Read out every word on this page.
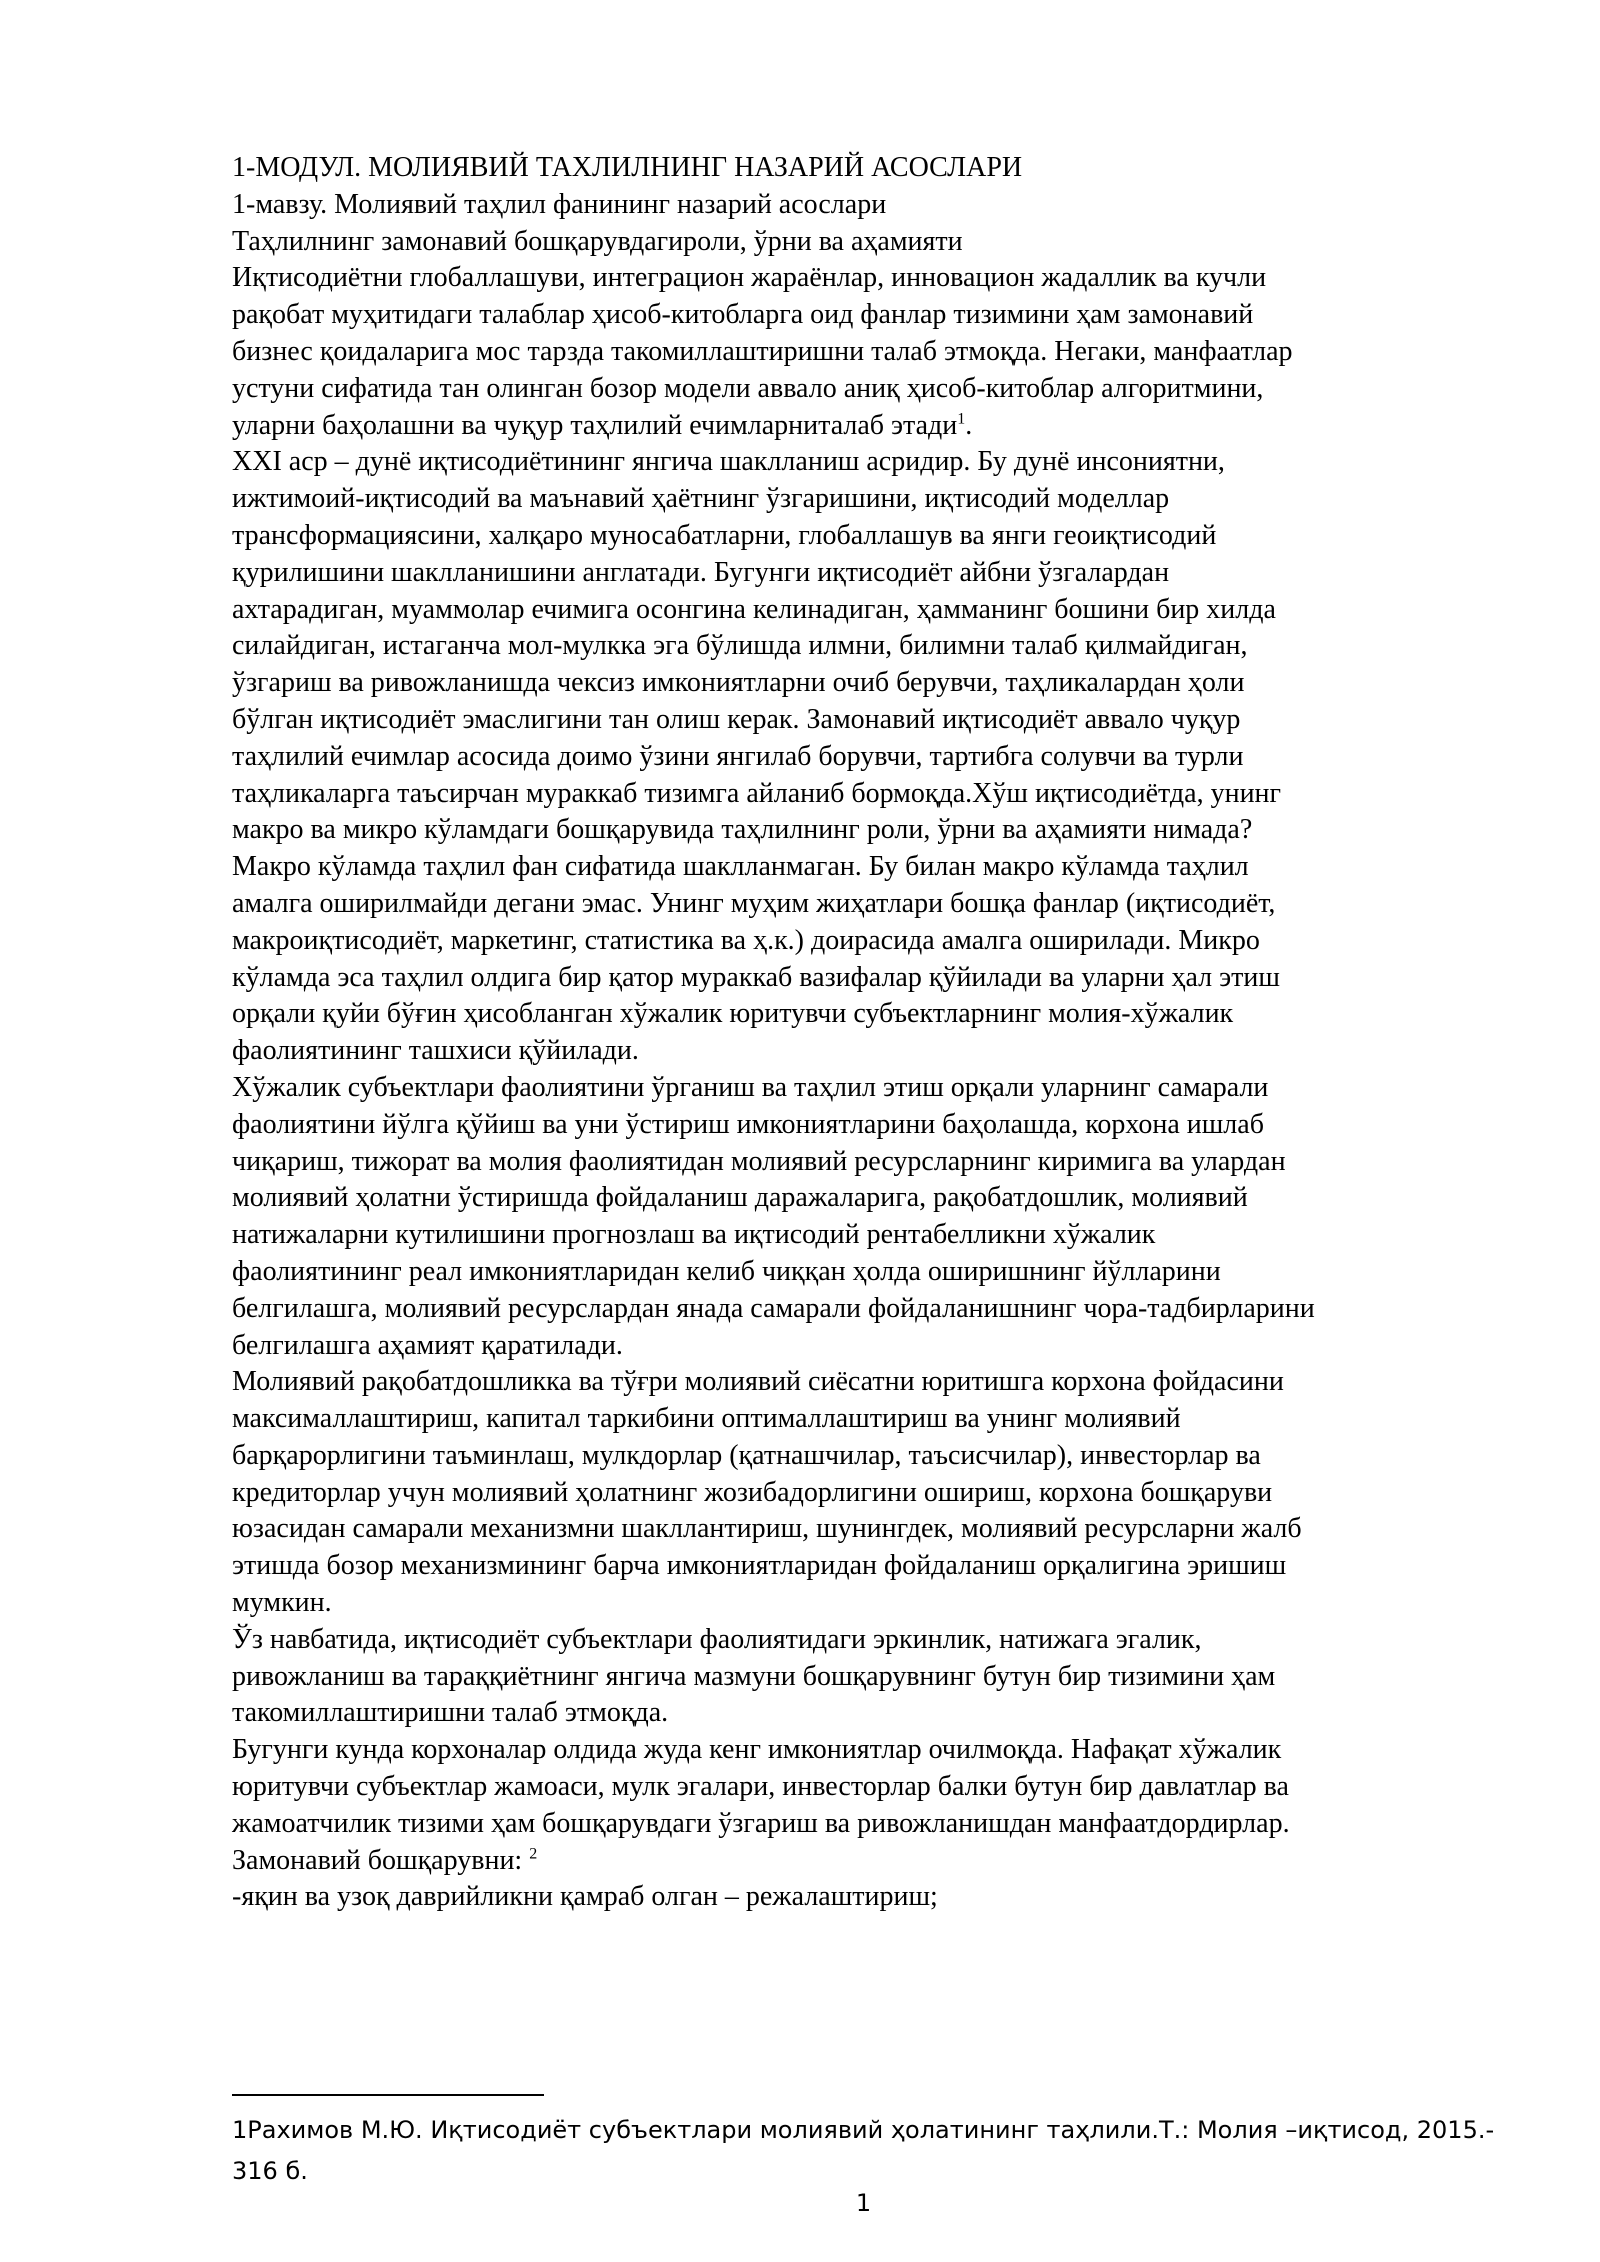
1-МОДУЛ. МОЛИЯВИЙ ТАХЛИЛНИНГ НАЗАРИЙ АСОСЛАРИ

1-мавзу. Молиявий таҳлил фанининг назарий асослари

Таҳлилнинг замонавий бошқарувдагироли, ўрни ва аҳамияти

Иқтисодиётни глобаллашуви, интеграцион жараёнлар, инновацион жадаллик ва кучли

рақобат муҳитидаги талаблар ҳисоб-китобларга оид фанлар тизимини ҳам замонавий

бизнес қоидаларига мос тарзда такомиллаштиришни талаб этмоқда. Негаки, манфаатлар

устуни сифатида тан олинган бозор модели аввало аниқ ҳисоб-китоблар алгоритмини,

уларни баҳолашни ва чуқур таҳлилий ечимларниталаб этади$^1$.

XXI аср – дунё иқтисодиётининг янгича шаклланиш асридир. Бу дунё инсониятни,

ижтимоий-иқтисодий ва маънавий ҳаётнинг ўзгаришини, иқтисодий моделлар

трансформациясини, халқаро муносабатларни, глобаллашув ва янги геоиқтисодий

қурилишини шаклланишини англатади. Бугунги иқтисодиёт айбни ўзгалардан

ахтарадиган, муаммолар ечимига осонгина келинадиган, ҳамманинг бошини бир хилда

силайдиган, истаганча мол-мулкка эга бўлишда илмни, билимни талаб қилмайдиган,

ўзгариш ва ривожланишда чексиз имкониятларни очиб берувчи, таҳликалардан ҳоли

бўлган иқтисодиёт эмаслигини тан олиш керак. Замонавий иқтисодиёт аввало чуқур

таҳлилий ечимлар асосида доимо ўзини янгилаб борувчи, тартибга солувчи ва турли

таҳликаларга таъсирчан мураккаб тизимга айланиб бормоқда.Хўш иқтисодиётда, унинг

макро ва микро кўламдаги бошқарувида таҳлилнинг роли, ўрни ва аҳамияти нимада?

Макро кўламда таҳлил фан сифатида шаклланмаган. Бу билан макро кўламда таҳлил

амалга оширилмайди дегани эмас. Унинг муҳим жиҳатлари бошқа фанлар (иқтисодиёт,

макроиқтисодиёт, маркетинг, статистика ва ҳ.к.) доирасида амалга оширилади. Микро

кўламда эса таҳлил олдига бир қатор мураккаб вазифалар қўйилади ва уларни ҳал этиш

орқали қуйи бўғин ҳисобланган хўжалик юритувчи субъектларнинг молия-хўжалик

фаолиятининг ташхиси қўйилади.

Хўжалик субъектлари фаолиятини ўрганиш ва таҳлил этиш орқали уларнинг самарали

фаолиятини йўлга қўйиш ва уни ўстириш имкониятларини баҳолашда, корхона ишлаб

чиқариш, тижорат ва молия фаолиятидан молиявий ресурсларнинг киримига ва улардан

молиявий ҳолатни ўстиришда фойдаланиш даражаларига, рақобатдошлик, молиявий

натижаларни кутилишини прогнозлаш ва иқтисодий рентабелликни хўжалик

фаолиятининг реал имкониятларидан келиб чиққан ҳолда оширишнинг йўлларини

белгилашга, молиявий ресурслардан янада самарали фойдаланишнинг чора-тадбирларини

белгилашга аҳамият қаратилади.

Молиявий рақобатдошликка ва тўғри молиявий сиёсатни юритишга корхона фойдасини

максималлаштириш, капитал таркибини оптималлаштириш ва унинг молиявий

барқарорлигини таъминлаш, мулкдорлар (қатнашчилар, таъсисчилар), инвесторлар ва

кредиторлар учун молиявий ҳолатнинг жозибадорлигини ошириш, корхона бошқаруви

юзасидан самарали механизмни шакллантириш, шунингдек, молиявий ресурсларни жалб

этишда бозор механизмининг барча имкониятларидан фойдаланиш орқалигина эришиш

мумкин.

Ўз навбатида, иқтисодиёт субъектлари фаолиятидаги эркинлик, натижага эгалик,

ривожланиш ва тараққиётнинг янгича мазмуни бошқарувнинг бутун бир тизимини ҳам

такомиллаштиришни талаб этмоқда.

Бугунги кунда корхоналар олдида жуда кенг имкониятлар очилмоқда. Нафақат хўжалик

юритувчи субъектлар жамоаси, мулк эгалари, инвесторлар балки бутун бир давлатлар ва

жамоатчилик тизими ҳам бошқарувдаги ўзгариш ва ривожланишдан манфаатдордирлар.

Замонавий бошқарувни: $^2$

-яқин ва узоқ даврийликни қамраб олган – режалаштириш;

1Рахимов М.Ю. Иқтисодиёт субъектлари молиявий ҳолатининг таҳлили.Т.: Молия –иқтисод, 2015.-
316 б.
1
